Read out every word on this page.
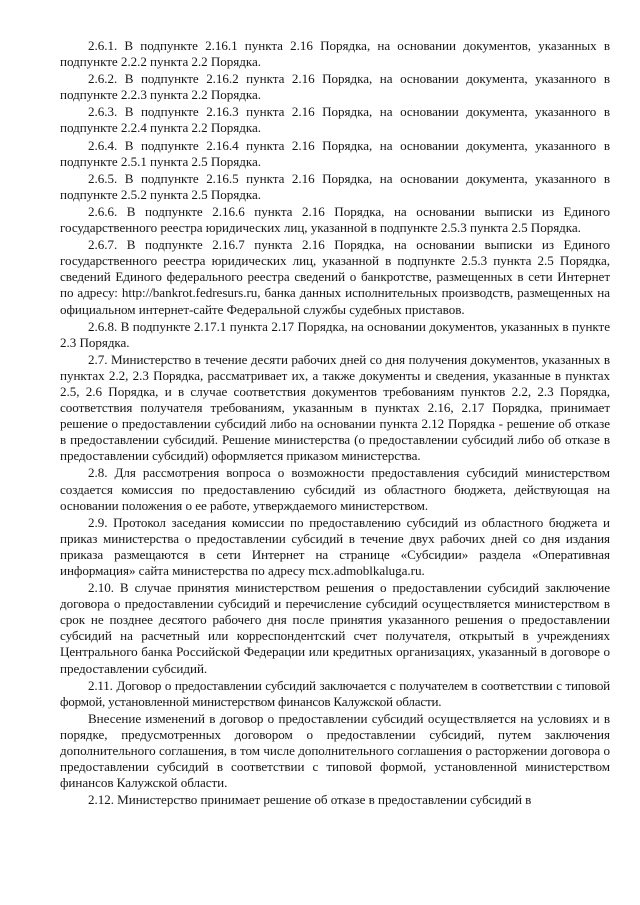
2.6.1. В подпункте 2.16.1 пункта 2.16 Порядка, на основании документов, указанных в подпункте 2.2.2 пункта 2.2 Порядка.

2.6.2. В подпункте 2.16.2 пункта 2.16 Порядка, на основании документа, указанного в подпункте 2.2.3 пункта 2.2 Порядка.

2.6.3. В подпункте 2.16.3 пункта 2.16 Порядка, на основании документа, указанного в подпункте 2.2.4 пункта 2.2 Порядка.

2.6.4. В подпункте 2.16.4 пункта 2.16 Порядка, на основании документа, указанного в подпункте 2.5.1 пункта 2.5 Порядка.

2.6.5. В подпункте 2.16.5 пункта 2.16 Порядка, на основании документа, указанного в подпункте 2.5.2 пункта 2.5 Порядка.

2.6.6. В подпункте 2.16.6 пункта 2.16 Порядка, на основании выписки из Единого государственного реестра юридических лиц, указанной в подпункте 2.5.3 пункта 2.5 Порядка.

2.6.7. В подпункте 2.16.7 пункта 2.16 Порядка, на основании выписки из Единого государственного реестра юридических лиц, указанной в подпункте 2.5.3 пункта 2.5 Порядка, сведений Единого федерального реестра сведений о банкротстве, размещенных в сети Интернет по адресу: http://bankrot.fedresurs.ru, банка данных исполнительных производств, размещенных на официальном интернет-сайте Федеральной службы судебных приставов.

2.6.8. В подпункте 2.17.1 пункта 2.17 Порядка, на основании документов, указанных в пункте 2.3 Порядка.

2.7. Министерство в течение десяти рабочих дней со дня получения документов, указанных в пунктах 2.2, 2.3 Порядка, рассматривает их, а также документы и сведения, указанные в пунктах 2.5, 2.6 Порядка, и в случае соответствия документов требованиям пунктов 2.2, 2.3 Порядка, соответствия получателя требованиям, указанным в пунктах 2.16, 2.17 Порядка, принимает решение о предоставлении субсидий либо на основании пункта 2.12 Порядка - решение об отказе в предоставлении субсидий. Решение министерства (о предоставлении субсидий либо об отказе в предоставлении субсидий) оформляется приказом министерства.

2.8. Для рассмотрения вопроса о возможности предоставления субсидий министерством создается комиссия по предоставлению субсидий из областного бюджета, действующая на основании положения о ее работе, утверждаемого министерством.

2.9. Протокол заседания комиссии по предоставлению субсидий из областного бюджета и приказ министерства о предоставлении субсидий в течение двух рабочих дней со дня издания приказа размещаются в сети Интернет на странице «Субсидии» раздела «Оперативная информация» сайта министерства по адресу mcx.admoblkaluga.ru.

2.10. В случае принятия министерством решения о предоставлении субсидий заключение договора о предоставлении субсидий и перечисление субсидий осуществляется министерством в срок не позднее десятого рабочего дня после принятия указанного решения о предоставлении субсидий на расчетный или корреспондентский счет получателя, открытый в учреждениях Центрального банка Российской Федерации или кредитных организациях, указанный в договоре о предоставлении субсидий.

2.11. Договор о предоставлении субсидий заключается с получателем в соответствии с типовой формой, установленной министерством финансов Калужской области.

Внесение изменений в договор о предоставлении субсидий осуществляется на условиях и в порядке, предусмотренных договором о предоставлении субсидий, путем заключения дополнительного соглашения, в том числе дополнительного соглашения о расторжении договора о предоставлении субсидий в соответствии с типовой формой, установленной министерством финансов Калужской области.

2.12. Министерство принимает решение об отказе в предоставлении субсидий в
